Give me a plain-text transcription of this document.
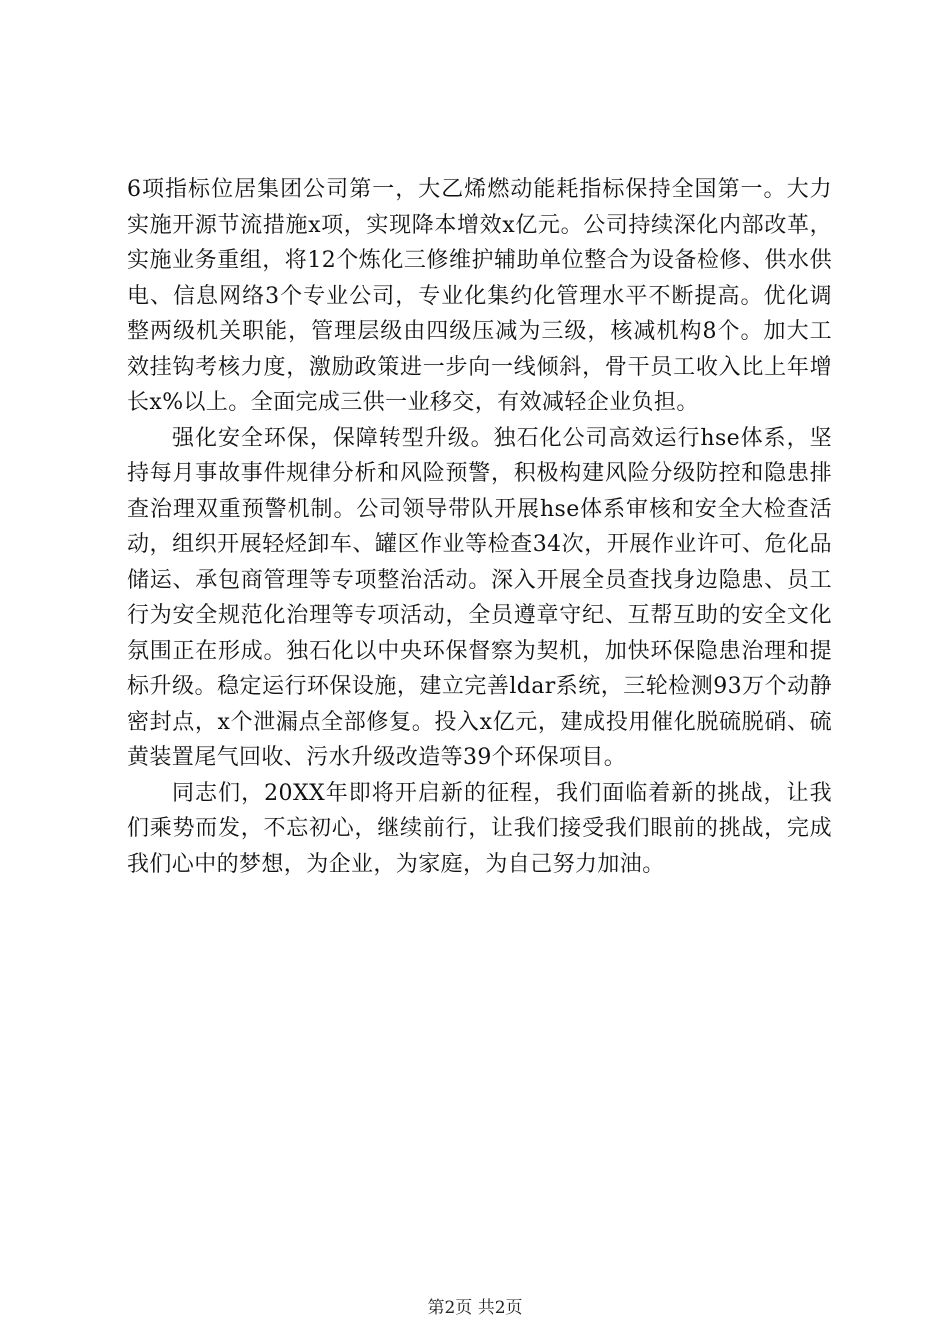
6项指标位居集团公司第一，大乙烯燃动能耗指标保持全国第一。大力实施开源节流措施x项，实现降本增效x亿元。公司持续深化内部改革，实施业务重组，将12个炼化三修维护辅助单位整合为设备检修、供水供电、信息网络3个专业公司，专业化集约化管理水平不断提高。优化调整两级机关职能，管理层级由四级压减为三级，核减机构8个。加大工效挂钩考核力度，激励政策进一步向一线倾斜，骨干员工收入比上年增长x%以上。全面完成三供一业移交，有效减轻企业负担。

强化安全环保，保障转型升级。独石化公司高效运行hse体系，坚持每月事故事件规律分析和风险预警，积极构建风险分级防控和隐患排查治理双重预警机制。公司领导带队开展hse体系审核和安全大检查活动，组织开展轻烃卸车、罐区作业等检查34次，开展作业许可、危化品储运、承包商管理等专项整治活动。深入开展全员查找身边隐患、员工行为安全规范化治理等专项活动，全员遵章守纪、互帮互助的安全文化氛围正在形成。独石化以中央环保督察为契机，加快环保隐患治理和提标升级。稳定运行环保设施，建立完善ldar系统，三轮检测93万个动静密封点，x个泄漏点全部修复。投入x亿元，建成投用催化脱硫脱硝、硫黄装置尾气回收、污水升级改造等39个环保项目。

同志们，20XX年即将开启新的征程，我们面临着新的挑战，让我们乘势而发，不忘初心，继续前行，让我们接受我们眼前的挑战，完成我们心中的梦想，为企业，为家庭，为自己努力加油。

第2页 共2页
